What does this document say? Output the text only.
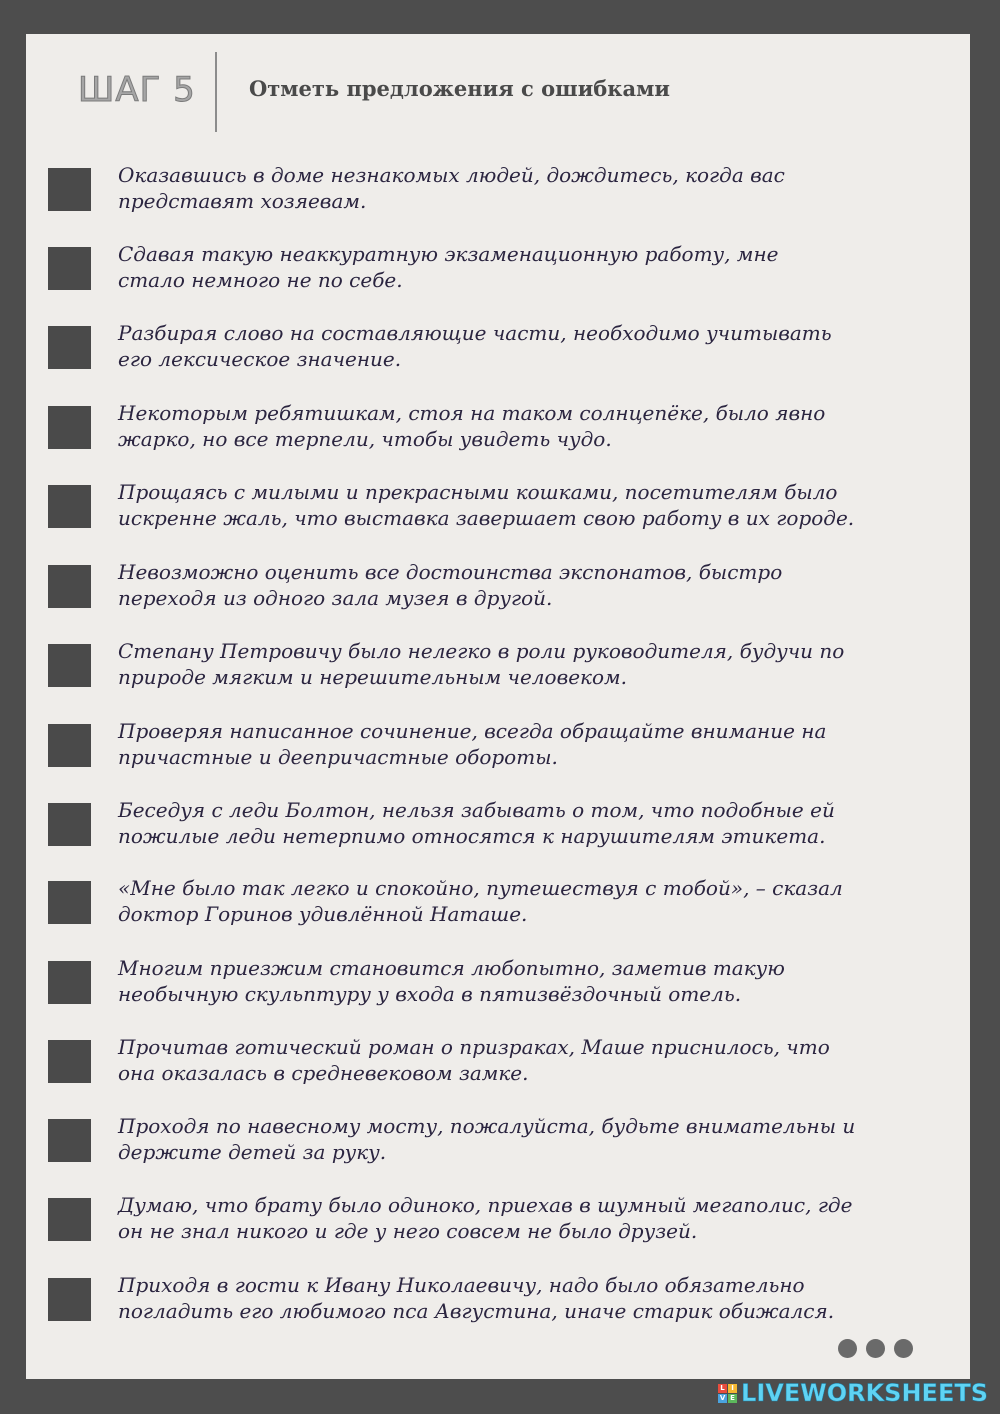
ШАГ 5	Отметь предложения с ошибками
Оказавшись в доме незнакомых людей, дождитесь, когда вас
представят хозяевам.
Сдавая такую неаккуратную экзаменационную работу, мне
стало немного не по себе.
Разбирая слово на составляющие части, необходимо учитывать
его лексическое значение.
Некоторым ребятишкам, стоя на таком солнцепёке, было явно
жарко, но все терпели, чтобы увидеть чудо.
Прощаясь с милыми и прекрасными кошками, посетителям было
искренне жаль, что выставка завершает свою работу в их городе.
Невозможно оценить все достоинства экспонатов, быстро
переходя из одного зала музея в другой.
Степану Петровичу было нелегко в роли руководителя, будучи по
природе мягким и нерешительным человеком.
Проверяя написанное сочинение, всегда обращайте внимание на
причастные и деепричастные обороты.
Беседуя с леди Болтон, нельзя забывать о том, что подобные ей
пожилые леди нетерпимо относятся к нарушителям этикета.
«Мне было так легко и спокойно, путешествуя с тобой», – сказал
доктор Горинов удивлённой Наташе.
Многим приезжим становится любопытно, заметив такую
необычную скульптуру у входа в пятизвёздочный отель.
Прочитав готический роман о призраках, Маше приснилось, что
она оказалась в средневековом замке.
Проходя по навесному мосту, пожалуйста, будьте внимательны и
держите детей за руку.
Думаю, что брату было одиноко, приехав в шумный мегаполис, где
он не знал никого и где у него совсем не было друзей.
Приходя в гости к Ивану Николаевичу, надо было обязательно
погладить его любимого пса Августина, иначе старик обижался.
L I
V E LIVEWORKSHEETS
